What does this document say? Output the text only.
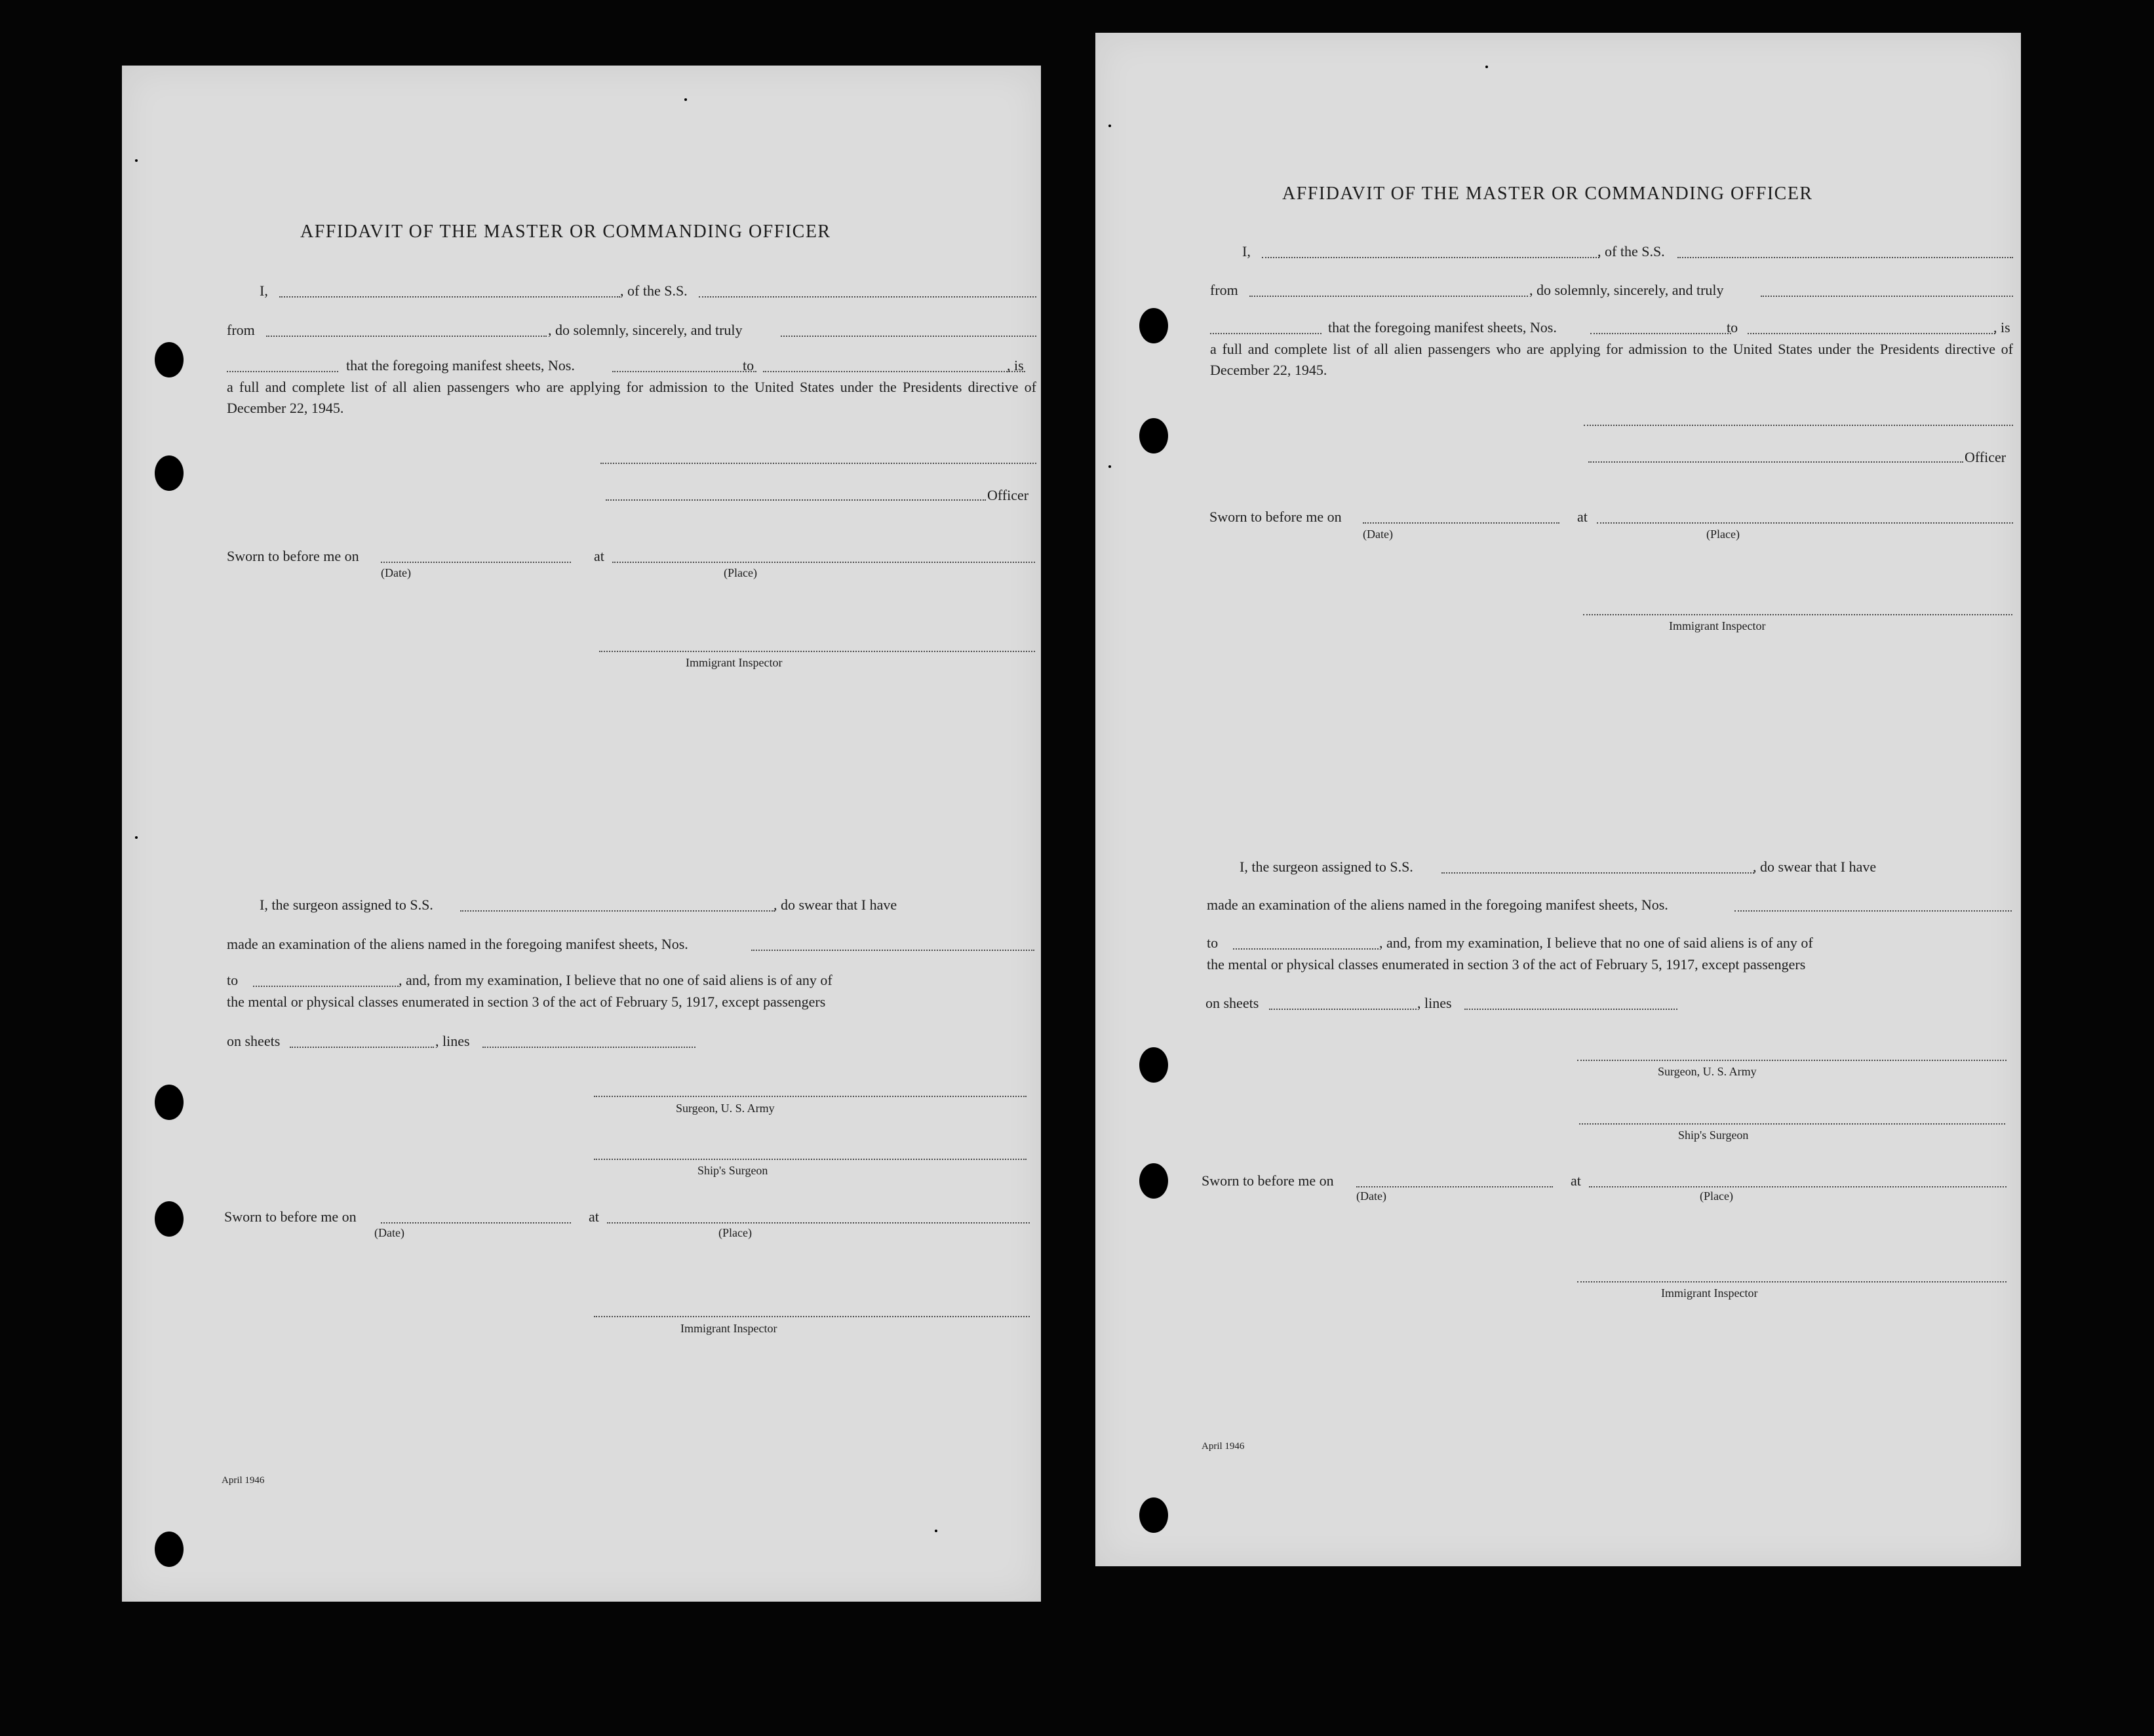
AFFIDAVIT OF THE MASTER OR COMMANDING OFFICER
I,	, of the S.S.
from	, do solemnly, sincerely, and truly
that the foregoing manifest sheets, Nos.	to	, is
a full and complete list of all alien passengers who are applying for admission to the United States under the Presidents directive of December 22, 1945.
Officer
Sworn to before me on	at
(Date)	(Place)
Immigrant Inspector
I, the surgeon assigned to S.S.	, do swear that I have
made an examination of the aliens named in the foregoing manifest sheets, Nos.
to	, and, from my examination, I believe that no one of said aliens is of any of
the mental or physical classes enumerated in section 3 of the act of February 5, 1917, except passengers
on sheets	, lines
Surgeon, U. S. Army
Ship's Surgeon
Sworn to before me on	at
(Date)	(Place)
Immigrant Inspector
April 1946
AFFIDAVIT OF THE MASTER OR COMMANDING OFFICER
I,	, of the S.S.
from	, do solemnly, sincerely, and truly
that the foregoing manifest sheets, Nos.	to	, is
a full and complete list of all alien passengers who are applying for admission to the United States under the Presidents directive of December 22, 1945.
Officer
Sworn to before me on	at
(Date)	(Place)
Immigrant Inspector
I, the surgeon assigned to S.S.	, do swear that I have
made an examination of the aliens named in the foregoing manifest sheets, Nos.
to	, and, from my examination, I believe that no one of said aliens is of any of
the mental or physical classes enumerated in section 3 of the act of February 5, 1917, except passengers
on sheets	, lines
Surgeon, U. S. Army
Ship's Surgeon
Sworn to before me on	at
(Date)	(Place)
Immigrant Inspector
April 1946
